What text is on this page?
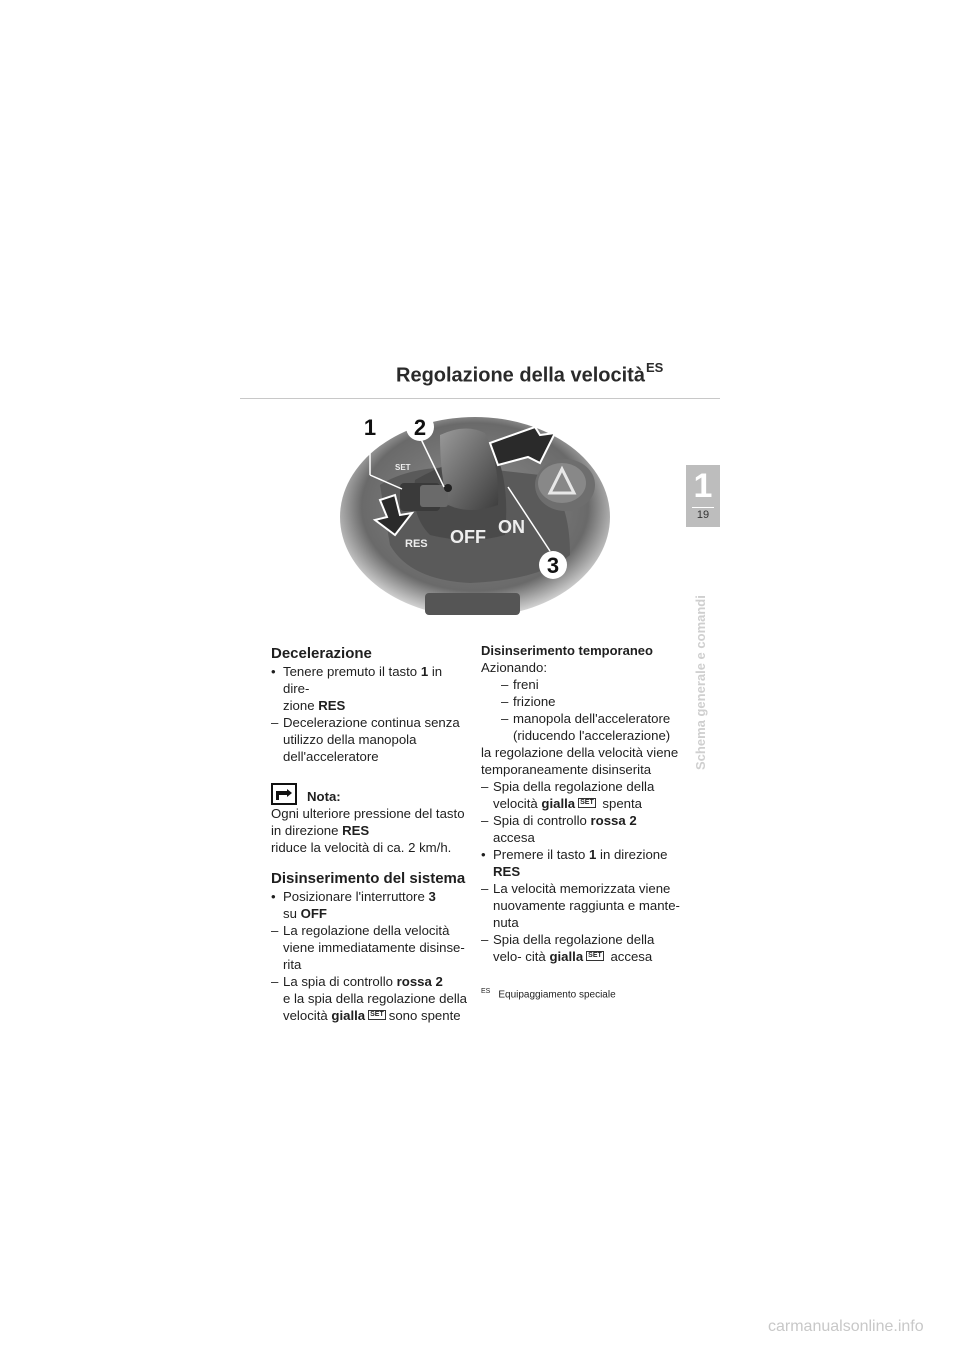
Regolazione della velocità$^{ES}$
SET
RES OFF ON
1 2
3
1
19
Schema generale e comandi
Decelerazione
• Tenere premuto il tasto 1 in dire-
zione RES
– Decelerazione continua senza utilizzo della manopola dell'acceleratore
Nota:
Ogni ulteriore pressione del tasto in direzione RES
riduce la velocità di ca. 2 km/h.
Disinserimento del sistema
• Posizionare l'interruttore 3
su OFF
– La regolazione della velocità viene immediatamente disinse- rita
– La spia di controllo rossa 2
e la spia della regolazione della velocità gialla SET sono spente
Disinserimento temporaneo
Azionando:
– freni
– frizione
– manopola dell'acceleratore (riducendo l'accelerazione)
la regolazione della velocità viene temporaneamente disinserita
– Spia della regolazione della velocità gialla SET spenta
– Spia di controllo rossa 2
accesa
• Premere il tasto 1 in direzione
RES
– La velocità memorizzata viene nuovamente raggiunta e mante- nuta
– Spia della regolazione della velo- cità gialla SET accesa
$^{ES}$ Equipaggiamento speciale
carmanualsonline.info
